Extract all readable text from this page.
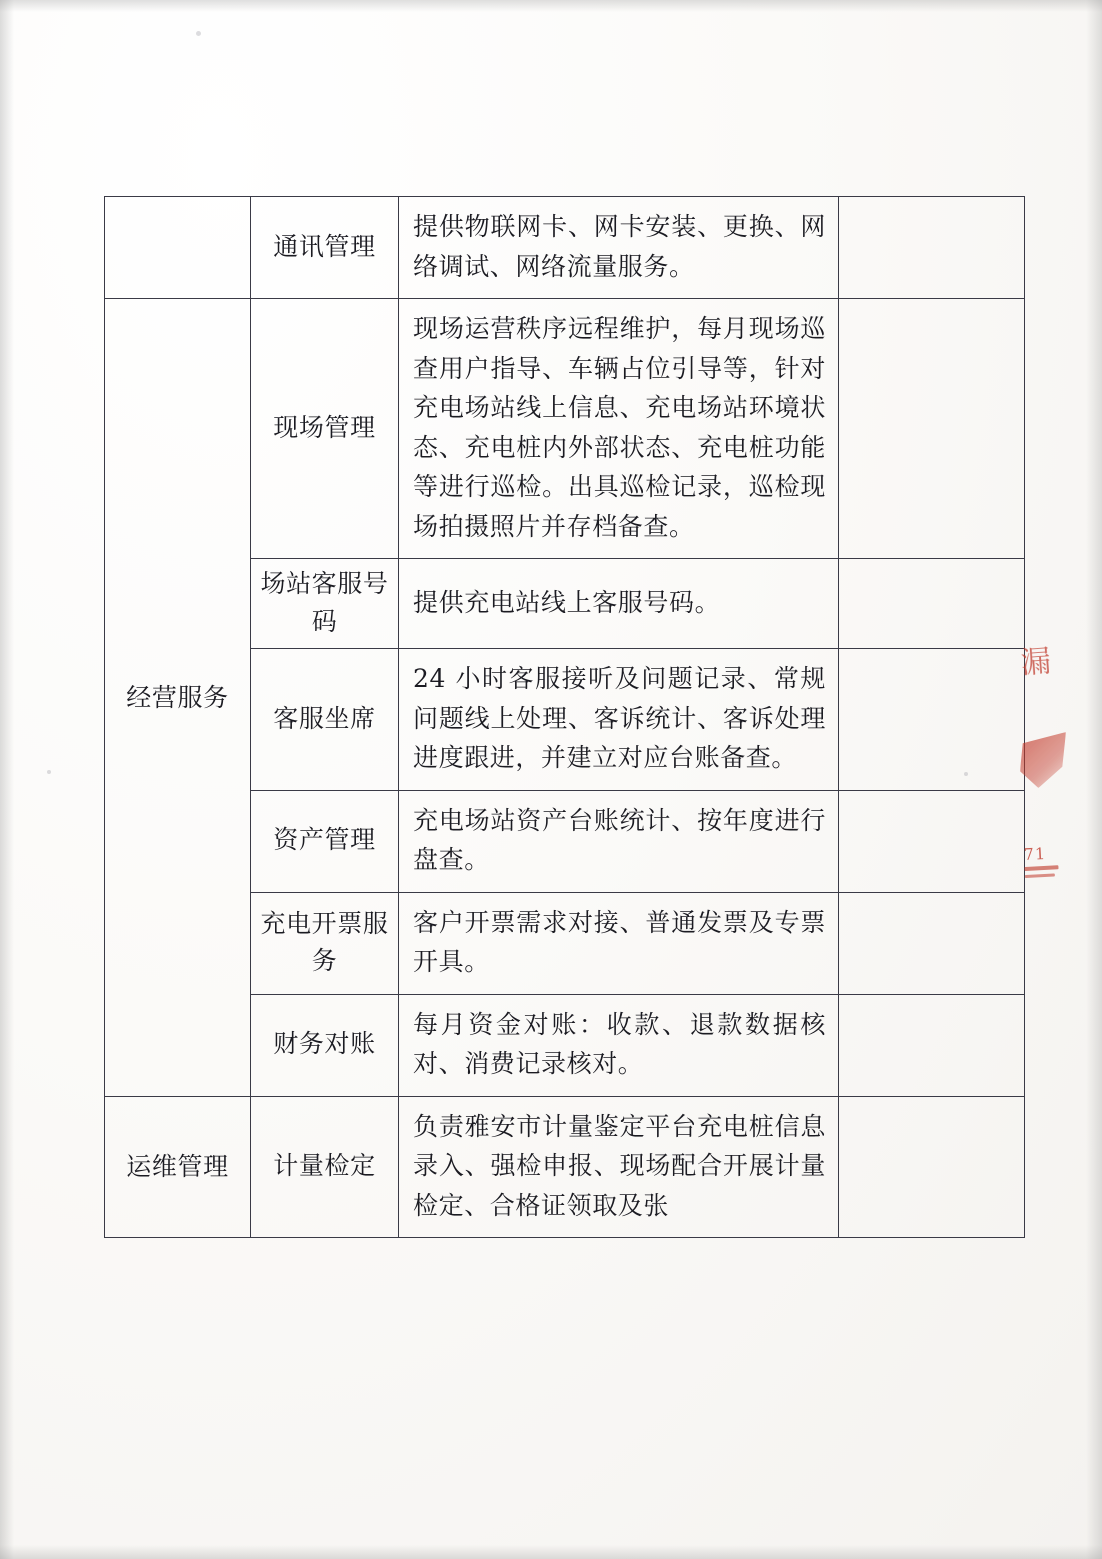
	通讯管理	提供物联网卡、网卡安装、更换、网络调试、网络流量服务。	
经营服务	现场管理	现场运营秩序远程维护，每月现场巡查用户指导、车辆占位引导等，针对充电场站线上信息、充电场站环境状态、充电桩内外部状态、充电桩功能等进行巡检。出具巡检记录，巡检现场拍摄照片并存档备查。	
	场站客服号码	提供充电站线上客服号码。	
	客服坐席	24 小时客服接听及问题记录、常规问题线上处理、客诉统计、客诉处理进度跟进，并建立对应台账备查。	
	资产管理	充电场站资产台账统计、按年度进行盘查。	
	充电开票服务	客户开票需求对接、普通发票及专票开具。	
	财务对账	每月资金对账：收款、退款数据核对、消费记录核对。	
运维管理	计量检定	负责雅安市计量鉴定平台充电桩信息录入、强检申报、现场配合开展计量检定、合格证领取及张	
漏
71
